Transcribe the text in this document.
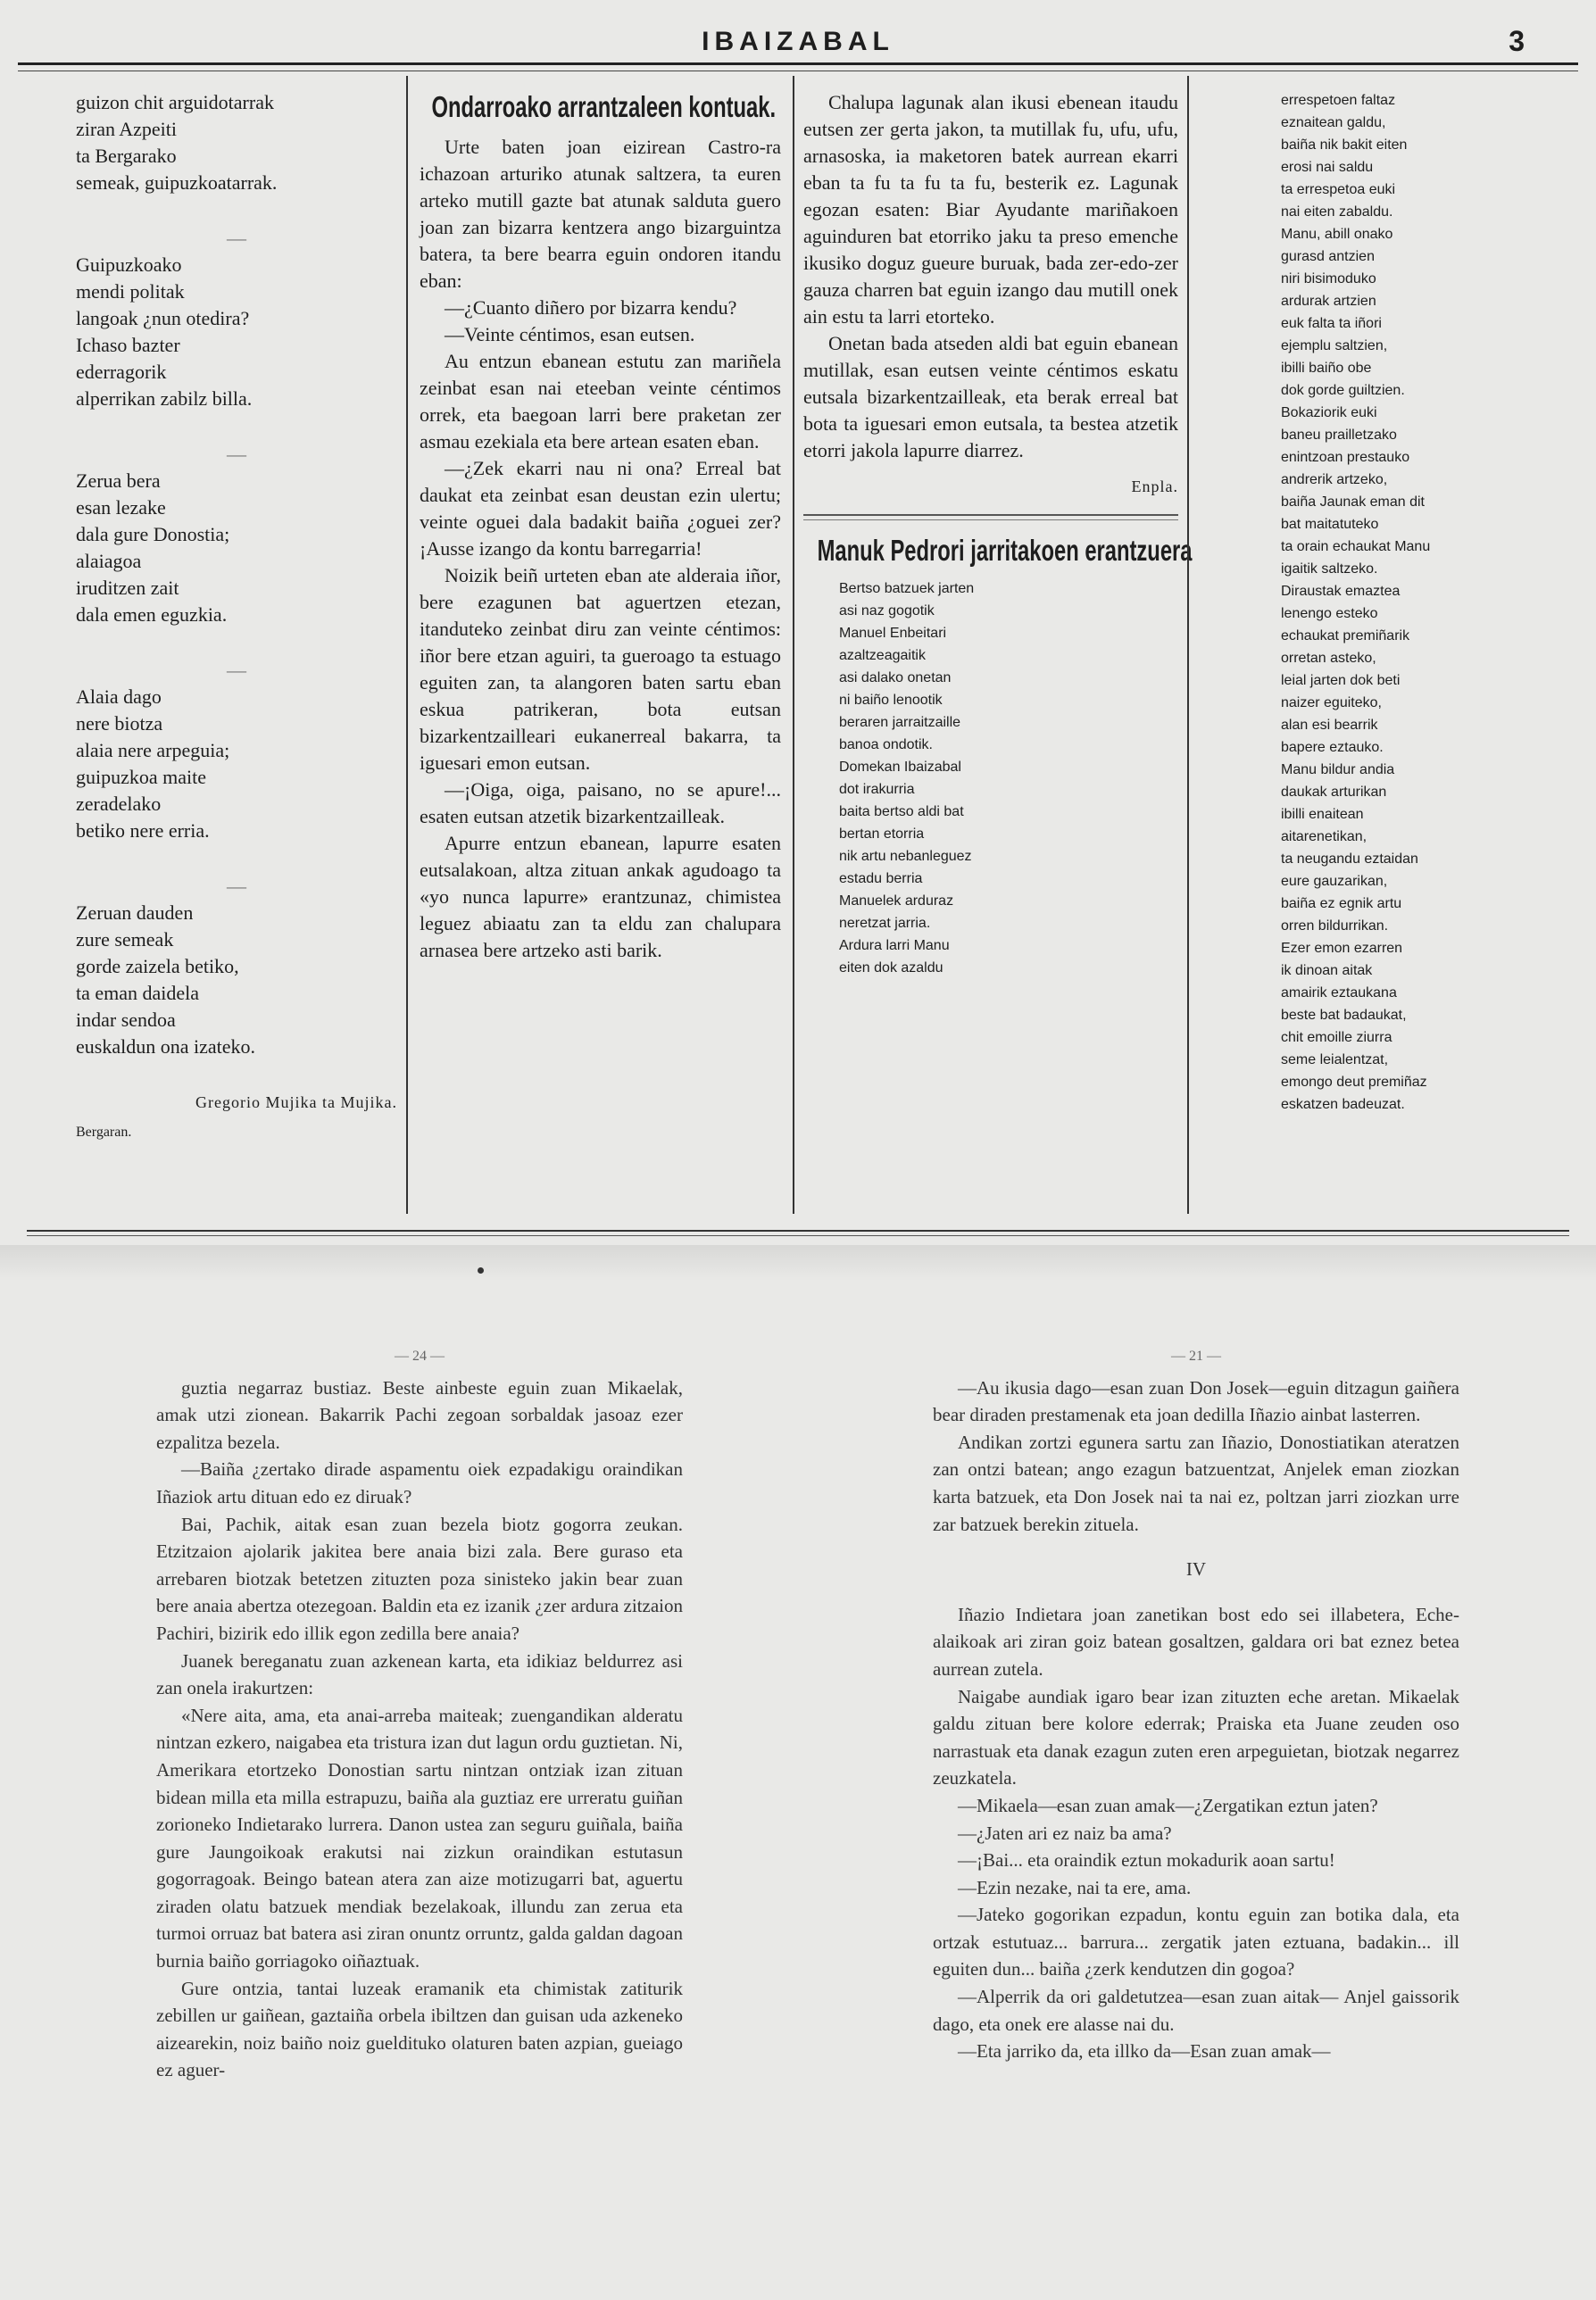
IBAIZABAL	3
guizon chit arguidotarrak
ziran Azpeiti
ta Bergarako
semeak, guipuzkoatarrak.
—
Guipuzkoako
mendi politak
langoak ¿nun otedira?
Ichaso bazter
ederragorik
alperrikan zabilz billa.
—
Zerua bera
esan lezake
dala gure Donostia;
alaiagoa
iruditzen zait
dala emen eguzkia.
—
Alaia dago
nere biotza
alaia nere arpeguia;
guipuzkoa maite
zeradelako
betiko nere erria.
—
Zeruan dauden
zure semeak
gorde zaizela betiko,
ta eman daidela
indar sendoa
euskaldun ona izateko.
Gregorio Mujika ta Mujika.
Bergaran.
Ondarroako arrantzaleen kontuak.

Urte baten joan eizirean Castro-ra ichazoan arturiko atunak saltzera, ta euren arteko mutill gazte bat atunak salduta guero joan zan bizarra kentzera ango bizarguintza batera, ta bere bearra eguin ondoren itandu eban:

—¿Cuanto diñero por bizarra kendu?

—Veinte céntimos, esan eutsen.

Au entzun ebanean estutu zan mariñela zeinbat esan nai eteeban veinte céntimos orrek, eta baegoan larri bere praketan zer asmau ezekiala eta bere artean esaten eban.

—¿Zek ekarri nau ni ona? Erreal bat daukat eta zeinbat esan deustan ezin ulertu; veinte oguei dala badakit baiña ¿oguei zer? ¡Ausse izango da kontu barregarria!

Noizik beiñ urteten eban ate alderaia iñor, bere ezagunen bat aguertzen etezan, itanduteko zeinbat diru zan veinte céntimos: iñor bere etzan aguiri, ta gueroago ta estuago eguiten zan, ta alangoren baten sartu eban eskua patrikeran, bota eutsan bizarkentzailleari eukanerreal bakarra, ta iguesari emon eutsan.

—¡Oiga, oiga, paisano, no se apure!... esaten eutsan atzetik bizarkentzailleak.

Apurre entzun ebanean, lapurre esaten eutsalakoan, altza zituan ankak agudoago ta «yo nunca lapurre» erantzunaz, chimistea leguez abiaatu zan ta eldu zan chalupara arnasea bere artzeko asti barik.

Chalupa lagunak alan ikusi ebenean itaudu eutsen zer gerta jakon, ta mutillak fu, ufu, ufu, arnasoska, ia maketoren batek aurrean ekarri eban ta fu ta fu ta fu, besterik ez. Lagunak egozan esaten: Biar Ayudante mariñakoen aguinduren bat etorriko jaku ta preso emenche ikusiko doguz gueure buruak, bada zer-edo-zer gauza charren bat eguin izango dau mutill onek ain estu ta larri etorteko.

Onetan bada atseden aldi bat eguin ebanean mutillak, esan eutsen veinte céntimos eskatu eutsala bizarkentzailleak, eta berak erreal bat bota ta iguesari emon eutsala, ta bestea atzetik etorri jakola lapurre diarrez.

Enpla.
Manuk Pedrori jarritakoen erantzuera
Bertso batzuek jarten
asi naz gogotik
Manuel Enbeitari
azaltzeagaitik
asi dalako onetan
ni baiño lenootik
beraren jarraitzaille
banoa ondotik.
Domekan Ibaizabal
dot irakurria
baita bertso aldi bat
bertan etorria
nik artu nebanleguez
estadu berria
Manuelek arduraz
neretzat jarria.
Ardura larri Manu
eiten dok azaldu
errespetoen faltaz
eznaitean galdu,
baiña nik bakit eiten
erosi nai saldu
ta errespetoa euki
nai eiten zabaldu.
Manu, abill onako
gurasd antzien
niri bisimoduko
ardurak artzien
euk falta ta iñori
ejemplu saltzien,
ibilli baiño obe
dok gorde guiltzien.
Bokaziorik euki
baneu prailletzako
enintzoan prestauko
andrerik artzeko,
baiña Jaunak eman dit
bat maitatuteko
ta orain echaukat Manu
igaitik saltzeko.
Diraustak emaztea
lenengo esteko
echaukat premiñarik
orretan asteko,
leial jarten dok beti
naizer eguiteko,
alan esi bearrik
bapere eztauko.
Manu bildur andia
daukak arturikan
ibilli enaitean
aitarenetikan,
ta neugandu eztaidan
eure gauzarikan,
baiña ez egnik artu
orren bildurrikan.
Ezer emon ezarren
ik dinoan aitak
amairik eztaukana
beste bat badaukat,
chit emoille ziurra
seme leialentzat,
emongo deut premiñaz
eskatzen badeuzat.
— 24 —

guztia negarraz bustiaz. Beste ainbeste eguin zuan Mikaelak, amak utzi zionean. Bakarrik Pachi zegoan sorbaldak jasoaz ezer ezpalitza bezela.

—Baiña ¿zertako dirade aspamentu oiek ezpadakigu oraindikan Iñaziok artu dituan edo ez diruak?

Bai, Pachik, aitak esan zuan bezela biotz gogorra zeukan. Etzitzaion ajolarik jakitea bere anaia bizi zala. Bere guraso eta arrebaren biotzak betetzen zituzten poza sinisteko jakin bear zuan bere anaia abertza otezegoan. Baldin eta ez izanik ¿zer ardura zitzaion Pachiri, bizirik edo illik egon zedilla bere anaia?

Juanek bereganatu zuan azkenean karta, eta idikiaz beldurrez asi zan onela irakurtzen:

«Nere aita, ama, eta anai-arreba maiteak; zuengandikan alderatu nintzan ezkero, naigabea eta tristura izan dut lagun ordu guztietan. Ni, Amerikara etortzeko Donostian sartu nintzan ontziak izan zituan bidean milla eta milla estrapuzu, baiña ala guztiaz ere urreratu guiñan zorioneko Indietarako lurrera. Danon ustea zan seguru guiñala, baiña gure Jaungoikoak erakutsi nai zizkun oraindikan estutasun gogorragoak. Beingo batean atera zan aize motizugarri bat, aguertu ziraden olatu batzuek mendiak bezelakoak, illundu zan zerua eta turmoi orruaz bat batera asi ziran onuntz orruntz, galda galdan dagoan burnia baiño gorriagoko oiñaztuak.

Gure ontzia, tantai luzeak eramanik eta chimistak zatiturik zebillen ur gaiñean, gaztaiña orbela ibiltzen dan guisan uda azkeneko aizearekin, noiz baiño noiz guelditukо olaturen baten azpian, gueiago ez aguer-

— 21 —

—Au ikusia dago—esan zuan Don Josek—eguin ditzagun gaiñera bear diraden prestamenak eta joan dedilla Iñazio ainbat lasterren.

Andikan zortzi egunera sartu zan Iñazio, Donostiatikan ateratzen zan ontzi batean; ango ezagun batzuentzat, Anjelek eman ziozkan karta batzuek, eta Don Josek nai ta nai ez, poltzan jarri ziozkan urre zar batzuek berekin zituela.

IV

Iñazio Indietara joan zanetikan bost edo sei illabetera, Eche-alaikoak ari ziran goiz batean gosaltzen, galdara ori bat eznez betea aurrean zutela.

Naigabe aundiak igaro bear izan zituzten eche aretan. Mikaelak galdu zituan bere kolore ederrak; Praiska eta Juane zeuden oso narrastuak eta danak ezagun zuten eren arpeguietan, biotzak negarrez zeuzkatela.

—Mikaela—esan zuan amak—¿Zergatikan eztun jaten?

—¿Jaten ari ez naiz ba ama?

—¡Bai... eta oraindik eztun mokadurik aoan sartu!

—Ezin nezake, nai ta ere, ama.

—Jateko gogorikan ezpadun, kontu eguin zan botika dala, eta ortzak estutuaz... barrura... zergatik jaten eztuana, badakin... ill eguiten dun... baiña ¿zerk kendutzen din gogoa?

—Alperrik da ori galdetutzea—esan zuan aitak— Anjel gaissorik dago, eta onek ere alasse nai du.

—Eta jarriko da, eta illko da—Esan zuan amak—
